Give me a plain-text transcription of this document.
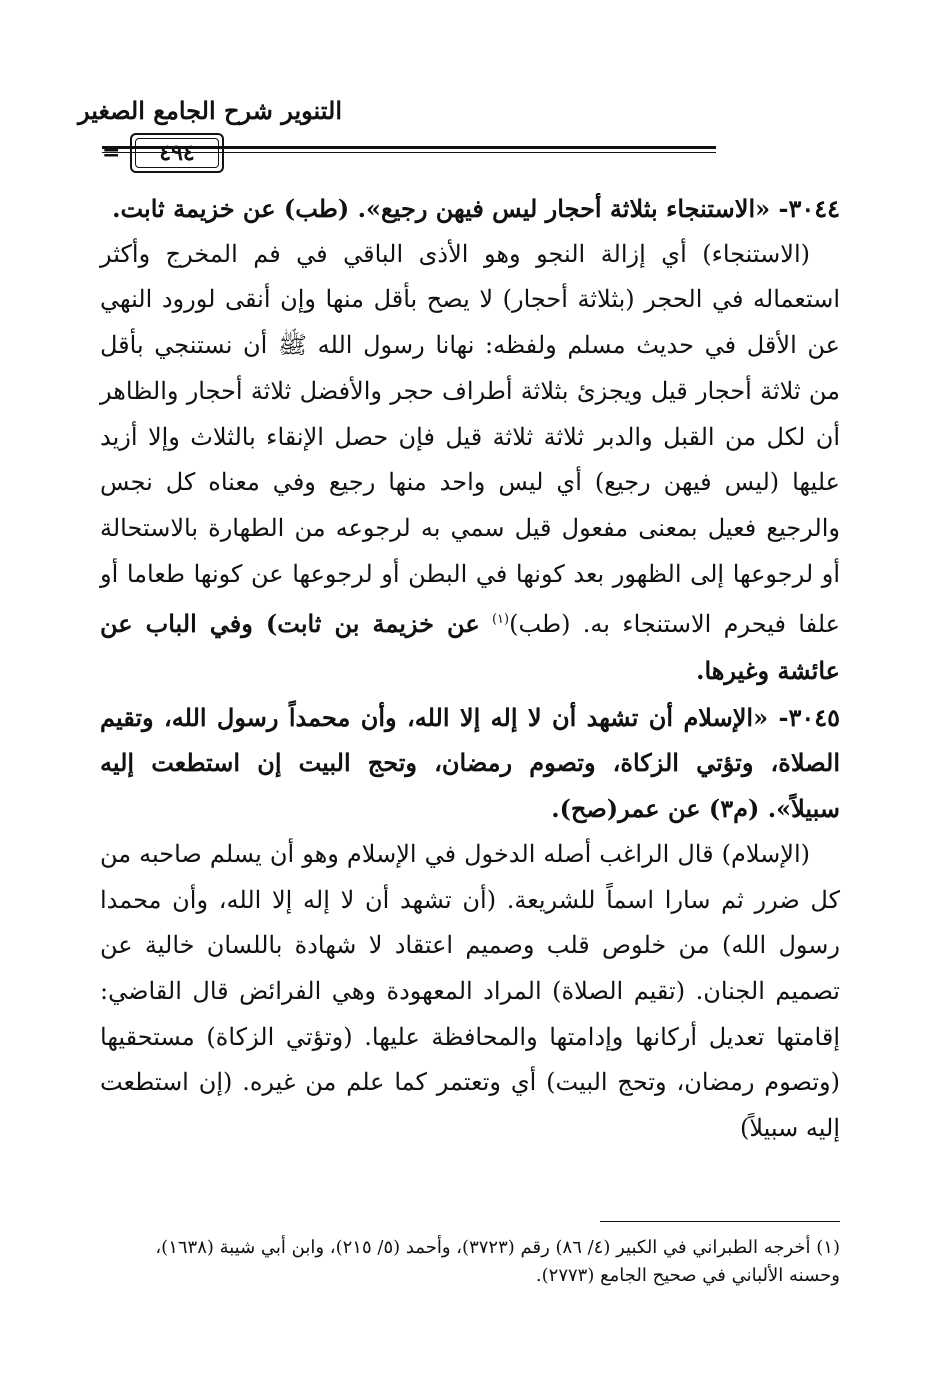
التنوير شرح الجامع الصغير
٤٩٤
=

٣٠٤٤- «الاستنجاء بثلاثة أحجار ليس فيهن رجيع». (طب) عن خزيمة ثابت.

(الاستنجاء) أي إزالة النجو وهو الأذى الباقي في فم المخرج وأكثر استعماله في الحجر (بثلاثة أحجار) لا يصح بأقل منها وإن أنقى لورود النهي عن الأقل في حديث مسلم ولفظه: نهانا رسول الله ﷺ أن نستنجي بأقل من ثلاثة أحجار قيل ويجزئ بثلاثة أطراف حجر والأفضل ثلاثة أحجار والظاهر أن لكل من القبل والدبر ثلاثة ثلاثة قيل فإن حصل الإنقاء بالثلاث وإلا أزيد عليها (ليس فيهن رجيع) أي ليس واحد منها رجيع وفي معناه كل نجس والرجيع فعيل بمعنى مفعول قيل سمي به لرجوعه من الطهارة بالاستحالة أو لرجوعها إلى الظهور بعد كونها في البطن أو لرجوعها عن كونها طعاما أو علفا فيحرم الاستنجاء به. (طب)$^{(١)}$ عن خزيمة بن ثابت) وفي الباب عن عائشة وغيرها.

٣٠٤٥- «الإسلام أن تشهد أن لا إله إلا الله، وأن محمداً رسول الله، وتقيم الصلاة، وتؤتي الزكاة، وتصوم رمضان، وتحج البيت إن استطعت إليه سبيلاً». (م٣) عن عمر(صح).

(الإسلام) قال الراغب أصله الدخول في الإسلام وهو أن يسلم صاحبه من كل ضرر ثم سارا اسماً للشريعة. (أن تشهد أن لا إله إلا الله، وأن محمدا رسول الله) من خلوص قلب وصميم اعتقاد لا شهادة باللسان خالية عن تصميم الجنان. (تقيم الصلاة) المراد المعهودة وهي الفرائض قال القاضي: إقامتها تعديل أركانها وإدامتها والمحافظة عليها. (وتؤتي الزكاة) مستحقيها (وتصوم رمضان، وتحج البيت) أي وتعتمر كما علم من غيره. (إن استطعت إليه سبيلاً)

(١) أخرجه الطبراني في الكبير (٤/ ٨٦) رقم (٣٧٢٣)، وأحمد (٥/ ٢١٥)، وابن أبي شيبة (١٦٣٨)،

وحسنه الألباني في صحيح الجامع (٢٧٧٣).
